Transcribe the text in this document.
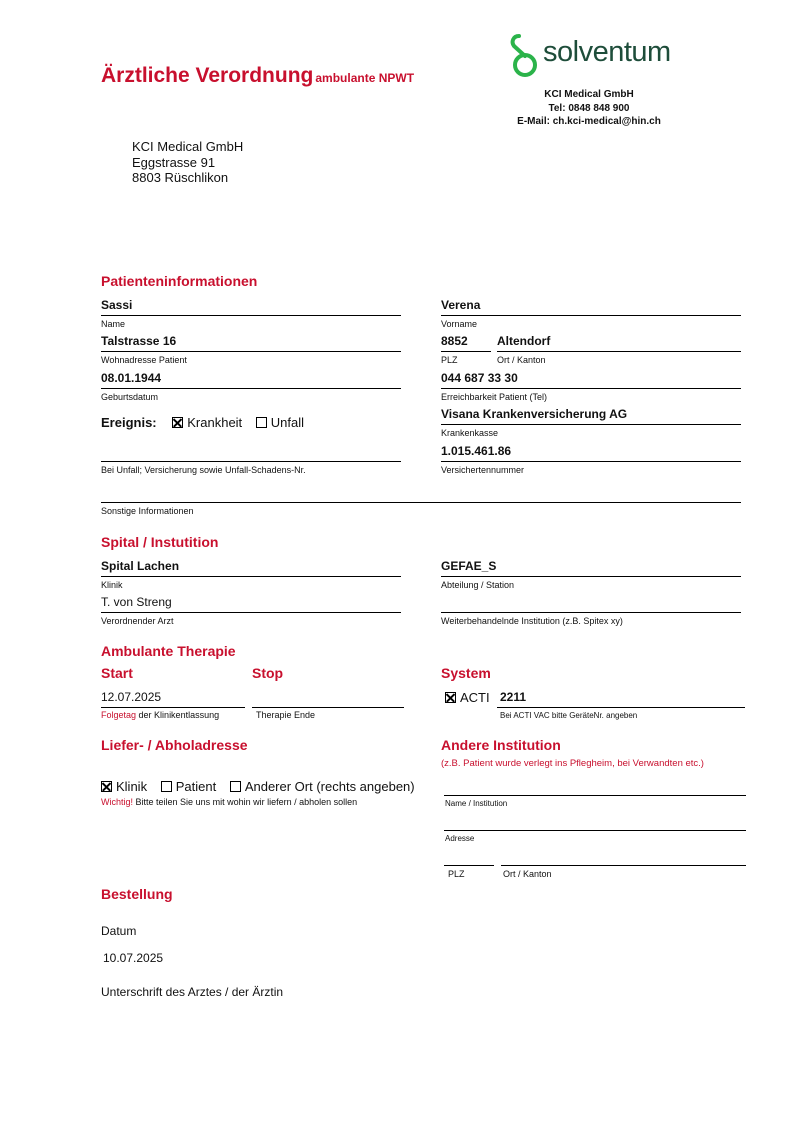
Ärztliche Verordnung ambulante NPWT
solventum
KCI Medical GmbH
Tel: 0848 848 900
E-Mail: ch.kci-medical@hin.ch
KCI Medical GmbH
Eggstrasse 91
8803 Rüschlikon
Patienteninformationen
Sassi
Name
Verena
Vorname
Talstrasse 16
Wohnadresse Patient
8852
PLZ
Altendorf
Ort / Kanton
08.01.1944
Geburtsdatum
044 687 33 30
Erreichbarkeit Patient (Tel)
Ereignis: Krankheit Unfall
Visana Krankenversicherung AG
Krankenkasse
1.015.461.86
Versichertennummer
Bei Unfall; Versicherung sowie Unfall-Schadens-Nr.
Sonstige Informationen
Spital / Instutition
Spital Lachen
Klinik
GEFAE_S
Abteilung / Station
T. von Streng
Verordnender Arzt	Weiterbehandelnde Institution (z.B. Spitex xy)
Ambulante Therapie
Start	Stop	System
12.07.2025
Folgetag der Klinikentlassung	Therapie Ende
ACTI 2211
Bei ACTI VAC bitte GeräteNr. angeben
Liefer- / Abholadresse
Klinik Patient Anderer Ort (rechts angeben)
Wichtig! Bitte teilen Sie uns mit wohin wir liefern / abholen sollen
Andere Institution
(z.B. Patient wurde verlegt ins Pflegheim, bei Verwandten etc.)
Name / Institution
Adresse
PLZ	Ort / Kanton
Bestellung
Datum
10.07.2025
Unterschrift des Arztes / der Ärztin
